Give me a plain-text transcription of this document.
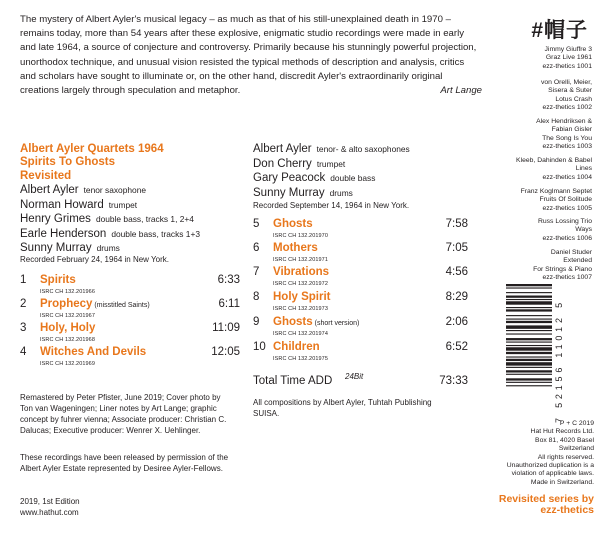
The mystery of Albert Ayler's musical legacy – as much as that of his still-unexplained death in 1970 – remains today, more than 54 years after these explosive, enigmatic studio recordings were made in early and late 1964, a source of conjecture and controversy. Primarily because his stunningly powerful projection, unorthodox technique, and unusual vision resisted the typical methods of description and analysis, critics and scholars have sought to illuminate or, on the other hand, discredit Ayler's extraordinarily original creations largely through speculation and metaphor.	Art Lange
Albert Ayler Quartets 1964
Spirits To Ghosts
Revisited
Albert Ayler tenor saxophone
Norman Howard trumpet
Henry Grimes double bass, tracks 1, 2+4
Earle Henderson double bass, tracks 1+3
Sunny Murray drums
Recorded February 24, 1964 in New York.
1 Spirits	6:33
ISRC CH 132.201966
2 Prophecy (misstitled Saints)	6:11
ISRC CH 132.201967
3 Holy, Holy	11:09
ISRC CH 132.201968
4 Witches And Devils	12:05
ISRC CH 132.201969
Remastered by Peter Pfister, June 2019; Cover photo by Ton van Wageningen; Liner notes by Art Lange; graphic concept by fuhrer vienna; Associate producer: Christian C. Dalucas; Executive producer: Wenrer X. Uehlinger.
These recordings have been released by permission of the Albert Ayler Estate represented by Desiree Ayler-Fellows.
2019, 1st Edition
www.hathut.com
Albert Ayler tenor- & alto saxophones
Don Cherry trumpet
Gary Peacock double bass
Sunny Murray drums
Recorded September 14, 1964 in New York.
5 Ghosts	7:58
ISRC CH 132.201970
6 Mothers	7:05
ISRC CH 132.201971
7 Vibrations	4:56
ISRC CH 132.201972
8 Holy Spirit	8:29
ISRC CH 132.201973
9 Ghosts (short version)	2:06
ISRC CH 132.201974
10 Children	6:52
ISRC CH 132.201975
Total Time ADD 24Bit	73:33
All compositions by Albert Ayler, Tuhtah Publishing SUISA.
#帽子
Jimmy Giuffre 3
Graz Live 1961
ezz-thetics 1001
von Orelli, Meier,
Sisera & Suter
Lotus Crash
ezz-thetics 1002
Alex Hendriksen &
Fabian Gisler
The Song Is You
ezz-thetics 1003
Kleeb, Dahinden & Babel
Lines
ezz-thetics 1004
Franz Koglmann Septet
Fruits Of Solitude
ezz-thetics 1005
Russ Lossing Trio
Ways
ezz-thetics 1006
Daniel Studer
Extended
For Strings & Piano
ezz-thetics 1007
7 52156 11012 5
P + C 2019
Hat Hut Records Ltd.
Box 81, 4020 Basel
Switzerland
All rights reserved.
Unauthorized duplication is a
violation of applicable laws.
Made in Switzerland.
Revisited series by
ezz-thetics
